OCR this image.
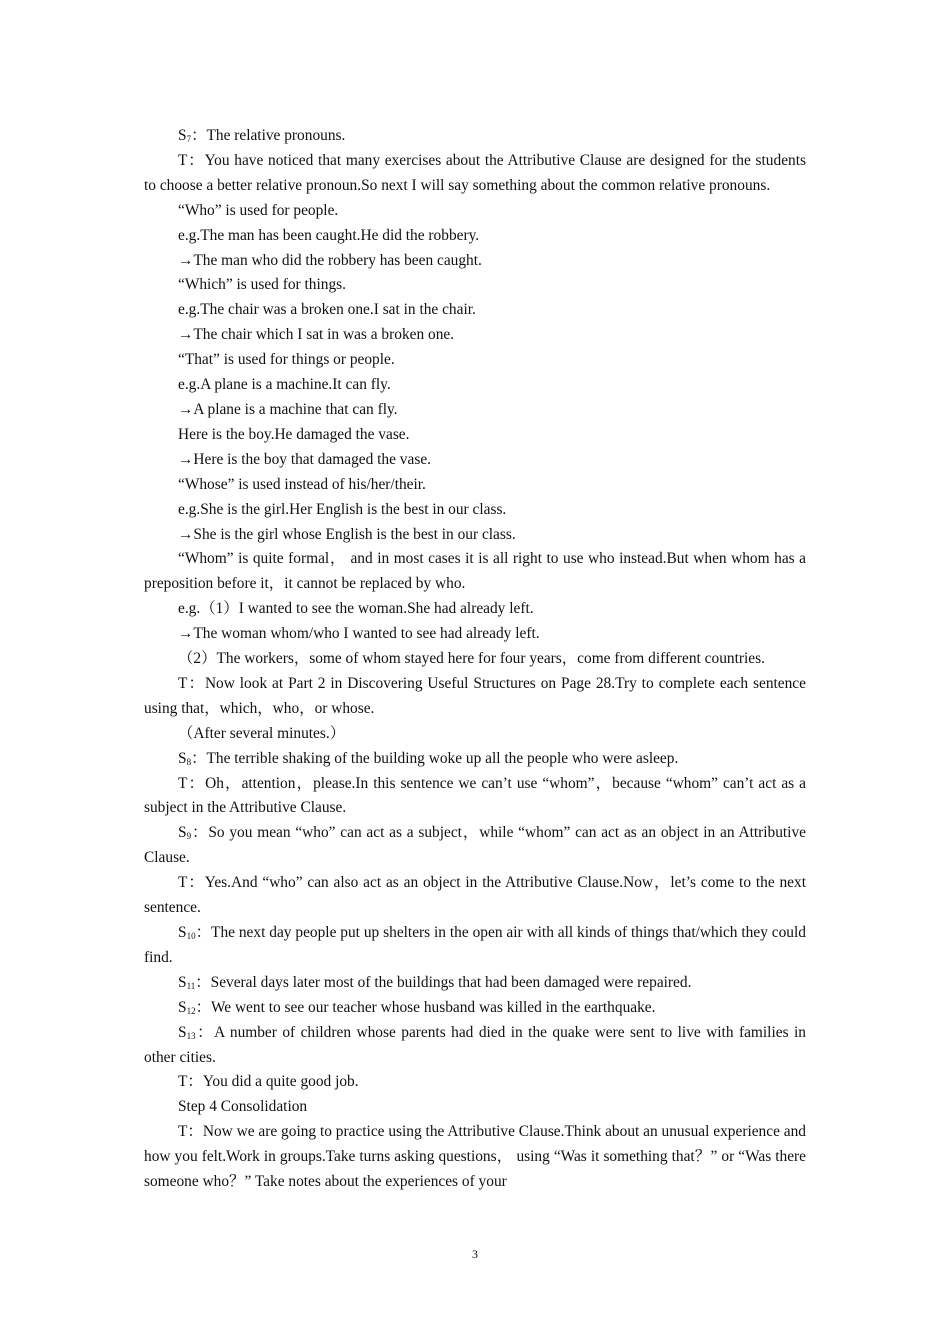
$S_7$：The relative pronouns.

T：You have noticed that many exercises about the Attributive Clause are designed for the students to choose a better relative pronoun.So next I will say something about the common relative pronouns.

“Who” is used for people.

e.g.The man has been caught.He did the robbery.

→The man who did the robbery has been caught.

“Which” is used for things.

e.g.The chair was a broken one.I sat in the chair.

→The chair which I sat in was a broken one.

“That” is used for things or people.

e.g.A plane is a machine.It can fly.

→A plane is a machine that can fly.

Here is the boy.He damaged the vase.

→Here is the boy that damaged the vase.

“Whose” is used instead of his/her/their.

e.g.She is the girl.Her English is the best in our class.

→She is the girl whose English is the best in our class.

“Whom” is quite formal， and in most cases it is all right to use who instead.But when whom has a preposition before it，it cannot be replaced by who.

e.g.（1）I wanted to see the woman.She had already left.

→The woman whom/who I wanted to see had already left.

（2）The workers，some of whom stayed here for four years，come from different countries.

T：Now look at Part 2 in Discovering Useful Structures on Page 28.Try to complete each sentence using that，which，who，or whose.

（After several minutes.）

$S_8$：The terrible shaking of the building woke up all the people who were asleep.

T：Oh，attention，please.In this sentence we can’t use “whom”，because “whom” can’t act as a subject in the Attributive Clause.

$S_9$：So you mean “who” can act as a subject，while “whom” can act as an object in an Attributive Clause.

T：Yes.And “who” can also act as an object in the Attributive Clause.Now，let’s come to the next sentence.

$S_{10}$：The next day people put up shelters in the open air with all kinds of things that/which they could find.

$S_{11}$：Several days later most of the buildings that had been damaged were repaired.

$S_{12}$：We went to see our teacher whose husband was killed in the earthquake.

$S_{13}$：A number of children whose parents had died in the quake were sent to live with families in other cities.

T：You did a quite good job.

Step 4 Consolidation

T：Now we are going to practice using the Attributive Clause.Think about an unusual experience and how you felt.Work in groups.Take turns asking questions， using “Was it something that？” or “Was there someone who？” Take notes about the experiences of your

3
